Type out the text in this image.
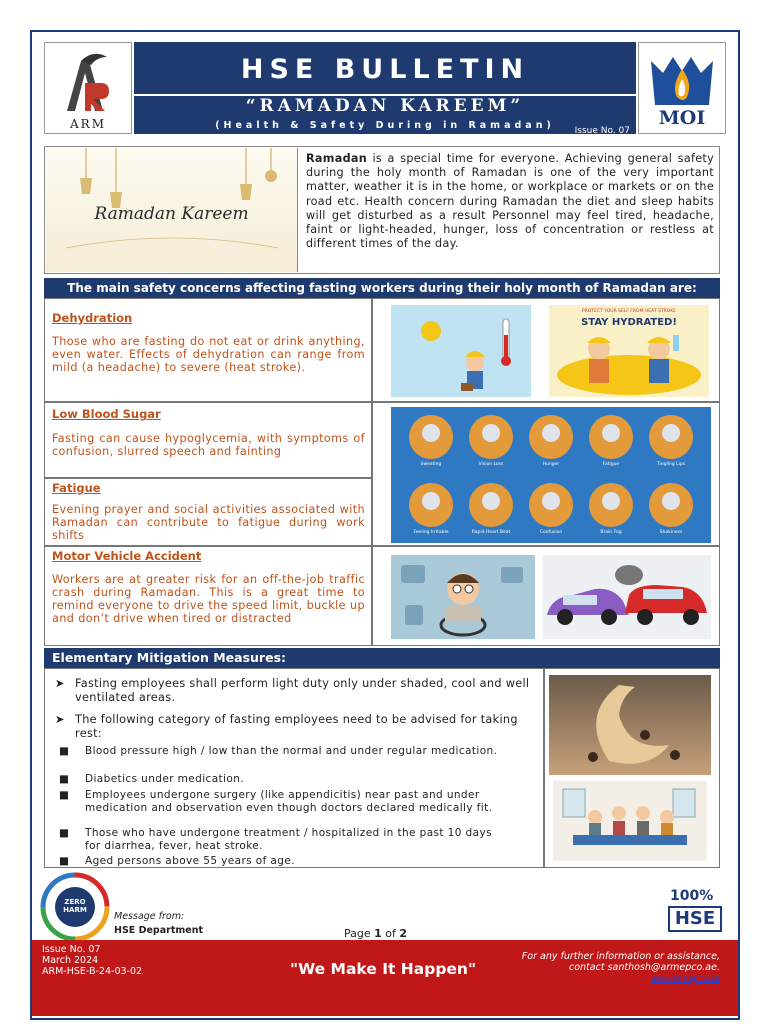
ARM
HSE BULLETIN
Issue No. 07
“RAMADAN KAREEM”
(Health & Safety During in Ramadan)	MOI
Ramadan Kareem
Ramadan is a special time for everyone. Achieving general safety during the holy month of Ramadan is one of the very important matter, weather it is in the home, or workplace or markets or on the road etc. Health concern during Ramadan the diet and sleep habits will get disturbed as a result Personnel may feel tired, headache, faint or light-headed, hunger, loss of concentration or restless at different times of the day.
The main safety concerns affecting fasting workers during their holy month of Ramadan are:
Dehydration
Those who are fasting do not eat or drink anything, even water. Effects of dehydration can range from mild (a headache) to severe (heat stroke).
PROTECT YOUR SELF FROM HEAT STROKE
STAY HYDRATED!
Low Blood Sugar
Fasting can cause hypoglycemia, with symptoms of confusion, slurred speech and fainting
Fatigue
Evening prayer and social activities associated with Ramadan can contribute to fatigue during work shifts
Sweating	Vision Loss	Hunger	Fatigue	Tingling Lips
Feeling Irritable	Rapid Heart Beat	Confusion	Brain Fog	Shakiness
Motor Vehicle Accident
Workers are at greater risk for an off-the-job traffic crash during Ramadan. This is a great time to remind everyone to drive the speed limit, buckle up and don’t drive when tired or distracted
Elementary Mitigation Measures:
➤ Fasting employees shall perform light duty only under shaded, cool and well ventilated areas.
➤ The following category of fasting employees need to be advised for taking rest:
■ Blood pressure high / low than the normal and under regular medication.
■ Diabetics under medication.
■ Employees undergone surgery (like appendicitis) near past and under medication and observation even though doctors declared medically fit.
■ Those who have undergone treatment / hospitalized in the past 10 days for diarrhea, fever, heat stroke.
■ Aged persons above 55 years of age.
ZERO
HARM
Message from:
HSE Department	Page 1 of 2
100%
HSE
Issue No. 07
March 2024
ARM-HSE-B-24-03-02	"We Make It Happen"
For any further information or assistance,
contact santhosh@armepco.ae.
www.armepco.ae
